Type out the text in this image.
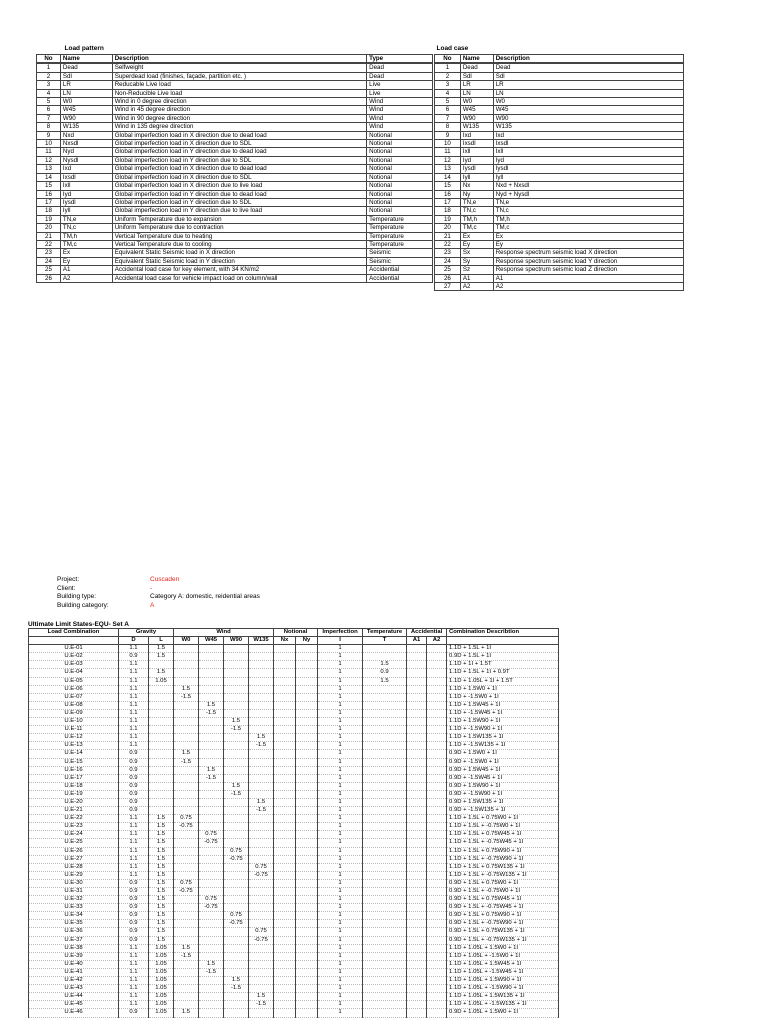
Load pattern
No	Name	Description	Type
1	Dead	Selfweight	Dead
2	Sdl	Superdead load (finishes, façade, partition etc. )	Dead
3	LR	Reducable Live load	Live
4	LN	Non-Reducible Live load	Live
5	W0	Wind in 0 degree direction	Wind
6	W45	Wind in 45 degree direction	Wind
7	W90	Wind in 90 degree direction	Wind
8	W135	Wind in 135 degree direction	Wind
9	Nxd	Global imperfection load in X direction due to dead load	Notional
10	Nxsdl	Global imperfection load in X direction due to SDL	Notional
11	Nyd	Global imperfection load in Y direction due to dead load	Notional
12	Nysdl	Global imperfection load in Y direction due to SDL	Notional
13	Ixd	Global imperfection load in X direction due to dead load	Notional
14	Ixsdl	Global imperfection load in X direction due to SDL	Notional
15	Ixll	Global imperfection load in X direction due to live load	Notional
16	Iyd	Global imperfection load in Y direction due to dead load	Notional
17	Iysdl	Global imperfection load in Y direction due to SDL	Notional
18	Iyll	Global imperfection load in Y direction due to live load	Notional
19	TN,e	Uniform Temperature due to expansion	Temperature
20	TN,c	Uniform Temperature due to contraction	Temperature
21	TM,h	Vertical Temperature due to heating	Temperature
22	TM,c	Vertical Temperature due to cooling	Temperature
23	Ex	Equivalent Static Seismic load in X direction	Seismic
24	Ey	Equivalent Static Seismic load in Y direction	Seismic
25	A1	Accidental load case for key element, with 34 KN/m2	Accidential
26	A2	Accidental load case for vehicle impact load on column/wall	Accidential
Load case
No	Name	Description
1	Dead	Dead
2	Sdl	Sdl
3	LR	LR
4	LN	LN
5	W0	W0
6	W45	W45
7	W90	W90
8	W135	W135
9	Ixd	Ixd
10	Ixsdl	Ixsdl
11	Ixll	Ixll
12	Iyd	Iyd
13	Iysdl	Iysdl
14	Iyll	Iyll
15	Nx	Nxd + Nxsdl
16	Ny	Nyd + Nysdl
17	TN,e	TN,e
18	TN,c	TN,c
19	TM,h	TM,h
20	TM,c	TM,c
21	Ex	Ex
22	Ey	Ey
23	Sx	Response spectrum seismic load X direction
24	Sy	Response spectrum seismic load Y direction
25	Sz	Response spectrum seismic load Z direction
26	A1	A1
27	A2	A2
Project:	Cuscaden
Client:	-
Building type:	Category A: domestic, reidential areas
Building category:	A
Ultimate Limit States-EQU- Set A
Load Combination	Gravity		Wind				Notional		Imperfection	Temperature	Accidential		Combination Describtion
	D	L	W0	W45	W90	W135	Nx	Ny	I	T	A1	A2	
U.E-01	1.1	1.5							1				1.1D + 1.5L + 1I
U.E-02	0.9	1.5							1				0.9D + 1.5L + 1I
U.E-03	1.1								1	1.5			1.1D + 1I + 1.5T
U.E-04	1.1	1.5							1	0.9			1.1D + 1.5L + 1I + 0.9T
U.E-05	1.1	1.05							1	1.5			1.1D + 1.05L + 1I + 1.5T
U.E-06	1.1		1.5						1				1.1D + 1.5W0 + 1I
U.E-07	1.1		-1.5						1				1.1D + -1.5W0 + 1I
U.E-08	1.1			1.5					1				1.1D + 1.5W45 + 1I
U.E-09	1.1			-1.5					1				1.1D + -1.5W45 + 1I
U.E-10	1.1				1.5				1				1.1D + 1.5W90 + 1I
U.E-11	1.1				-1.5				1				1.1D + -1.5W90 + 1I
U.E-12	1.1					1.5			1				1.1D + 1.5W135 + 1I
U.E-13	1.1					-1.5			1				1.1D + -1.5W135 + 1I
U.E-14	0.9		1.5						1				0.9D + 1.5W0 + 1I
U.E-15	0.9		-1.5						1				0.9D + -1.5W0 + 1I
U.E-16	0.9			1.5					1				0.9D + 1.5W45 + 1I
U.E-17	0.9			-1.5					1				0.9D + -1.5W45 + 1I
U.E-18	0.9				1.5				1				0.9D + 1.5W90 + 1I
U.E-19	0.9				-1.5				1				0.9D + -1.5W90 + 1I
U.E-20	0.9					1.5			1				0.9D + 1.5W135 + 1I
U.E-21	0.9					-1.5			1				0.9D + -1.5W135 + 1I
U.E-22	1.1	1.5	0.75						1				1.1D + 1.5L + 0.75W0 + 1I
U.E-23	1.1	1.5	-0.75						1				1.1D + 1.5L + -0.75W0 + 1I
U.E-24	1.1	1.5		0.75					1				1.1D + 1.5L + 0.75W45 + 1I
U.E-25	1.1	1.5		-0.75					1				1.1D + 1.5L + -0.75W45 + 1I
U.E-26	1.1	1.5			0.75				1				1.1D + 1.5L + 0.75W90 + 1I
U.E-27	1.1	1.5			-0.75				1				1.1D + 1.5L + -0.75W90 + 1I
U.E-28	1.1	1.5				0.75			1				1.1D + 1.5L + 0.75W135 + 1I
U.E-29	1.1	1.5				-0.75			1				1.1D + 1.5L + -0.75W135 + 1I
U.E-30	0.9	1.5	0.75						1				0.9D + 1.5L + 0.75W0 + 1I
U.E-31	0.9	1.5	-0.75						1				0.9D + 1.5L + -0.75W0 + 1I
U.E-32	0.9	1.5		0.75					1				0.9D + 1.5L + 0.75W45 + 1I
U.E-33	0.9	1.5		-0.75					1				0.9D + 1.5L + -0.75W45 + 1I
U.E-34	0.9	1.5			0.75				1				0.9D + 1.5L + 0.75W90 + 1I
U.E-35	0.9	1.5			-0.75				1				0.9D + 1.5L + -0.75W90 + 1I
U.E-36	0.9	1.5				0.75			1				0.9D + 1.5L + 0.75W135 + 1I
U.E-37	0.9	1.5				-0.75			1				0.9D + 1.5L + -0.75W135 + 1I
U.E-38	1.1	1.05	1.5						1				1.1D + 1.05L + 1.5W0 + 1I
U.E-39	1.1	1.05	-1.5						1				1.1D + 1.05L + -1.5W0 + 1I
U.E-40	1.1	1.05		1.5					1				1.1D + 1.05L + 1.5W45 + 1I
U.E-41	1.1	1.05		-1.5					1				1.1D + 1.05L + -1.5W45 + 1I
U.E-42	1.1	1.05			1.5				1				1.1D + 1.05L + 1.5W90 + 1I
U.E-43	1.1	1.05			-1.5				1				1.1D + 1.05L + -1.5W90 + 1I
U.E-44	1.1	1.05				1.5			1				1.1D + 1.05L + 1.5W135 + 1I
U.E-45	1.1	1.05				-1.5			1				1.1D + 1.05L + -1.5W135 + 1I
U.E-46	0.9	1.05	1.5						1				0.9D + 1.05L + 1.5W0 + 1I
